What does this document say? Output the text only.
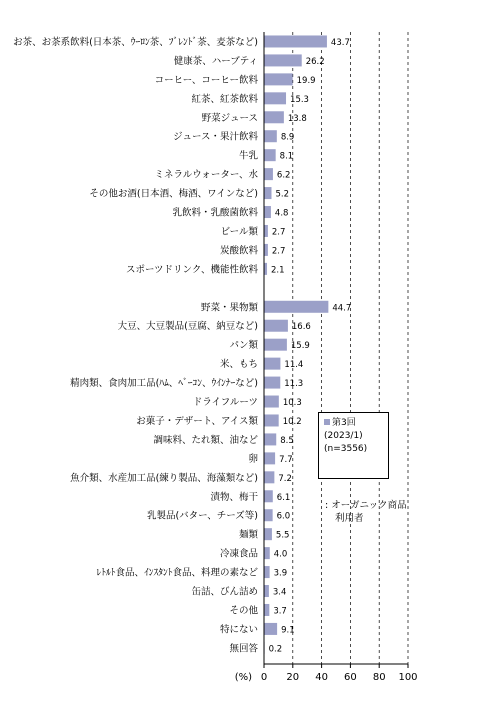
お茶、お茶系飲料(日本茶、ｳｰﾛﾝ茶、ﾌﾞﾚﾝﾄﾞ茶、麦茶など)	43.7
健康茶、ハーブティ	26.2
コーヒー、コーヒー飲料	19.9
紅茶、紅茶飲料	15.3
野菜ジュース	13.8
ジュース・果汁飲料	8.9
牛乳	8.1
ミネラルウォーター、水 6.2
その他お酒(日本酒、梅酒、ワインなど) 5.2
乳飲料・乳酸菌飲料 4.8
ビール類 2.7
炭酸飲料 2.7
スポーツドリンク、機能性飲料 2.1
野菜・果物類	44.7
大豆、大豆製品(豆腐、納豆など)	16.6
パン類	15.9
米、もち	11.4
精肉類、食肉加工品(ﾊﾑ、ﾍﾞｰｺﾝ、ｳｲﾝﾅｰなど)	11.3
ドライフルーツ	10.3
お菓子・デザート、アイス類	10.2
調味料、たれ類、油など	8.5
卵 7.7
魚介類、水産加工品(練り製品、海藻類など) 7.2
漬物、梅干 6.1
乳製品(バター、チーズ等) 6.0
麺類 5.5
冷凍食品 4.0
ﾚﾄﾙﾄ食品、ｲﾝｽﾀﾝﾄ食品、料理の素など 3.9
缶詰、びん詰め 3.4
その他 3.7
特にない	9.1
無回答 0.2
0 20 40 60 80 100
(%)
第3回
(2023/1)
(n=3556)
: オーガニック商品
利用者
